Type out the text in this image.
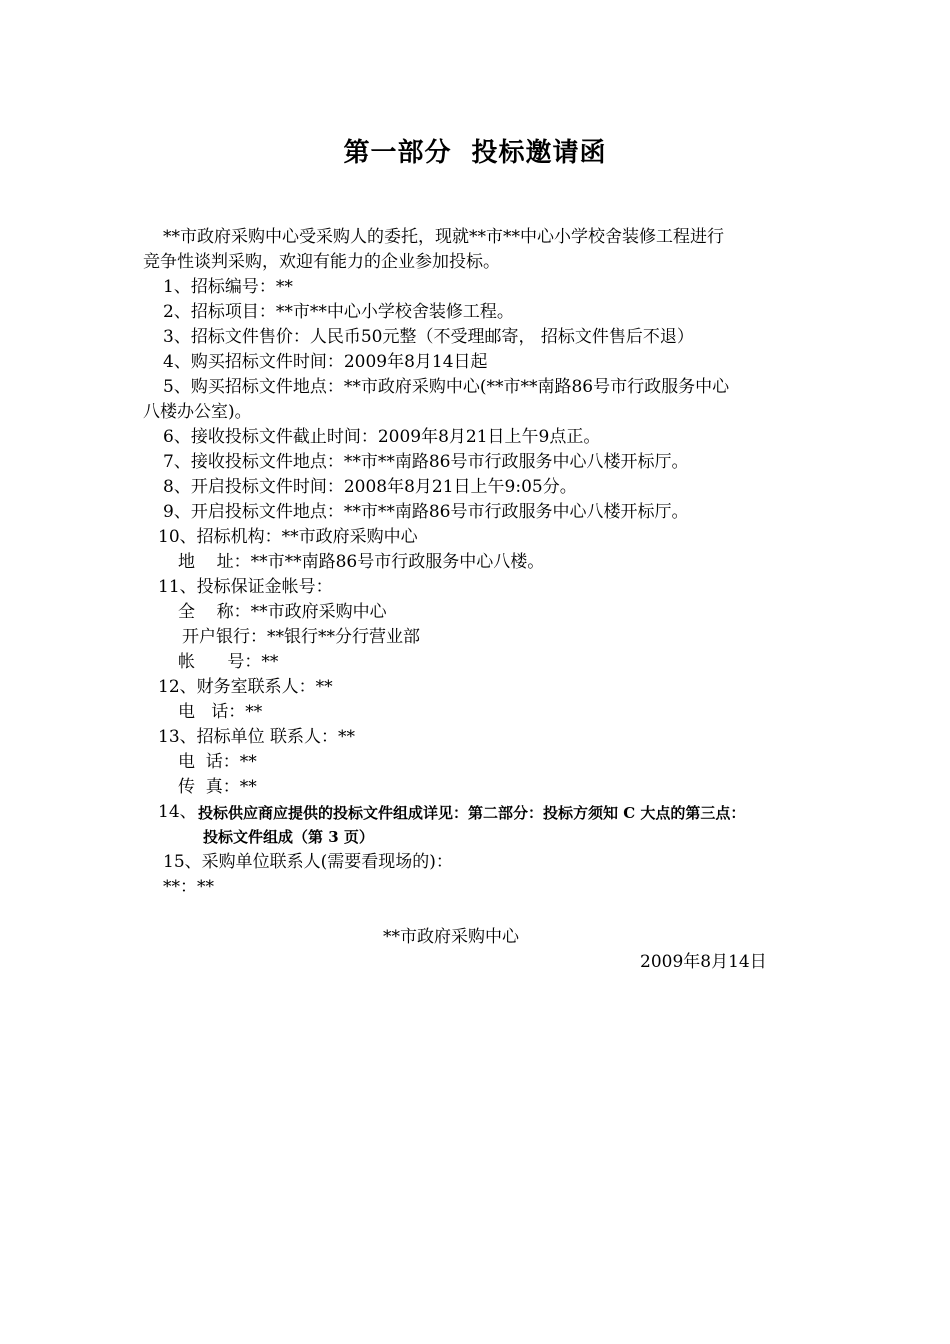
第一部分  投标邀请函
**市政府采购中心受采购人的委托，现就**市**中心小学校舍装修工程进行
竞争性谈判采购，欢迎有能力的企业参加投标。
1、招标编号：**
2、招标项目：**市**中心小学校舍装修工程。
3、招标文件售价：人民币50元整（不受理邮寄， 招标文件售后不退）
4、购买招标文件时间：2009年8月14日起
5、购买招标文件地点：**市政府采购中心(**市**南路86号市行政服务中心
八楼办公室)。
6、接收投标文件截止时间：2009年8月21日上午9点正。
7、接收投标文件地点：**市**南路86号市行政服务中心八楼开标厅。
8、开启投标文件时间：2008年8月21日上午9:05分。
9、开启投标文件地点：**市**南路86号市行政服务中心八楼开标厅。
10、招标机构：**市政府采购中心
地    址：**市**南路86号市行政服务中心八楼。
11、投标保证金帐号：
全    称：**市政府采购中心
开户银行：**银行**分行营业部
帐      号：**
12、财务室联系人：**
电   话：**
13、招标单位 联系人：**
电  话：**
传  真：**
14、 投标供应商应提供的投标文件组成详见：第二部分：投标方须知 C 大点的第三点：
投标文件组成（第 3 页）
15、采购单位联系人(需要看现场的)：
**：**
**市政府采购中心
2009年8月14日
